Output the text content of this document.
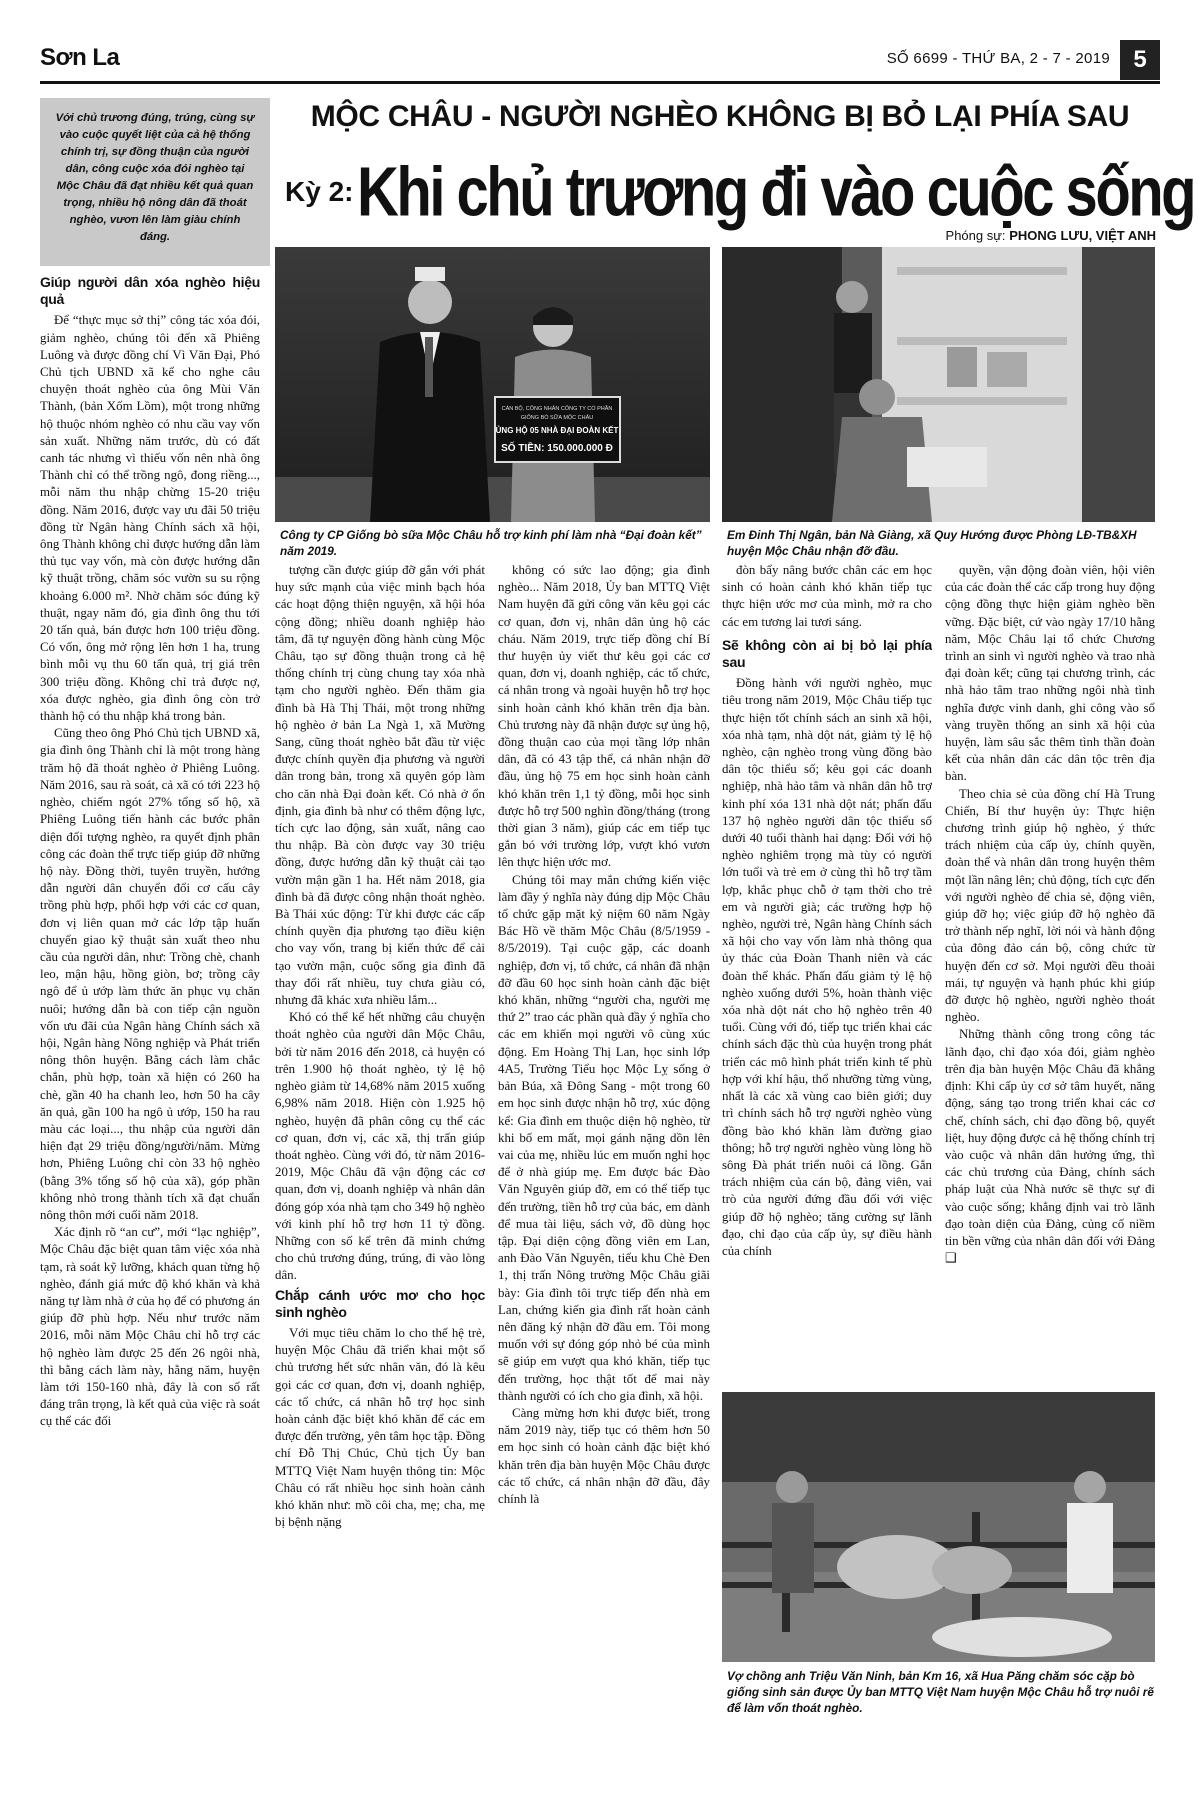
Sơn La	SỐ 6699 - THỨ BA, 2 - 7 - 2019 5
Với chủ trương đúng, trúng, cùng sự vào cuộc quyết liệt của cả hệ thống chính trị, sự đồng thuận của người dân, công cuộc xóa đói nghèo tại Mộc Châu đã đạt nhiều kết quả quan trọng, nhiều hộ nông dân đã thoát nghèo, vươn lên làm giàu chính đáng.
MỘC CHÂU - NGƯỜI NGHÈO KHÔNG BỊ BỎ LẠI PHÍA SAU
Kỳ 2: Khi chủ trương đi vào cuộc sống
Phóng sự: PHONG LƯU, VIỆT ANH
CÁN BỘ, CÔNG NHÂN CÔNG TY CỔ PHẦN
GIỐNG BÒ SỮA MỘC CHÂU
ỦNG HỘ 05 NHÀ ĐẠI ĐOÀN KẾT
SỐ TIỀN: 150.000.000 Đ
Công ty CP Giống bò sữa Mộc Châu hỗ trợ kinh phí làm nhà “Đại đoàn kết” năm 2019.
Em Đinh Thị Ngân, bản Nà Giàng, xã Quy Hướng được Phòng LĐ-TB&XH huyện Mộc Châu nhận đỡ đầu.
Vợ chồng anh Triệu Văn Ninh, bản Km 16, xã Hua Păng chăm sóc cặp bò giống sinh sản được Ủy ban MTTQ Việt Nam huyện Mộc Châu hỗ trợ nuôi rẽ để làm vốn thoát nghèo.
Giúp người dân xóa nghèo hiệu quả

Để “thực mục sở thị” công tác xóa đói, giảm nghèo, chúng tôi đến xã Phiêng Luông và được đồng chí Vì Văn Đại, Phó Chủ tịch UBND xã kể cho nghe câu chuyện thoát nghèo của ông Mùi Văn Thành, (bản Xốm Lồm), một trong những hộ thuộc nhóm nghèo có nhu cầu vay vốn sản xuất. Những năm trước, dù có đất canh tác nhưng vì thiếu vốn nên nhà ông Thành chỉ có thể trồng ngô, đong riềng..., mỗi năm thu nhập chừng 15-20 triệu đồng. Năm 2016, được vay ưu đãi 50 triệu đồng từ Ngân hàng Chính sách xã hội, ông Thành không chỉ được hướng dẫn làm thủ tục vay vốn, mà còn được hướng dẫn kỹ thuật trồng, chăm sóc vườn su su rộng khoảng 6.000 m². Nhờ chăm sóc đúng kỹ thuật, ngay năm đó, gia đình ông thu tới 20 tấn quả, bán được hơn 100 triệu đồng. Có vốn, ông mở rộng lên hơn 1 ha, trung bình mỗi vụ thu 60 tấn quả, trị giá trên 300 triệu đồng. Không chỉ trả được nợ, xóa được nghèo, gia đình ông còn trở thành hộ có thu nhập khá trong bản.

Cũng theo ông Phó Chủ tịch UBND xã, gia đình ông Thành chỉ là một trong hàng trăm hộ đã thoát nghèo ở Phiêng Luông. Năm 2016, sau rà soát, cả xã có tới 223 hộ nghèo, chiếm ngót 27% tổng số hộ, xã Phiêng Luông tiến hành các bước phân diện đối tượng nghèo, ra quyết định phân công các đoàn thể trực tiếp giúp đỡ những hộ này. Đồng thời, tuyên truyền, hướng dẫn người dân chuyển đổi cơ cấu cây trồng phù hợp, phối hợp với các cơ quan, đơn vị liên quan mở các lớp tập huấn chuyển giao kỹ thuật sản xuất theo nhu cầu của người dân, như: Trồng chè, chanh leo, mận hậu, hồng giòn, bơ; trồng cây ngô để ủ ướp làm thức ăn phục vụ chăn nuôi; hướng dẫn bà con tiếp cận nguồn vốn ưu đãi của Ngân hàng Chính sách xã hội, Ngân hàng Nông nghiệp và Phát triển nông thôn huyện. Bằng cách làm chắc chắn, phù hợp, toàn xã hiện có 260 ha chè, gần 40 ha chanh leo, hơn 50 ha cây ăn quả, gần 100 ha ngô ủ ướp, 150 ha rau màu các loại..., thu nhập của người dân hiện đạt 29 triệu đồng/người/năm. Mừng hơn, Phiêng Luông chỉ còn 33 hộ nghèo (bằng 3% tổng số hộ của xã), góp phần không nhỏ trong thành tích xã đạt chuẩn nông thôn mới cuối năm 2018.

Xác định rõ “an cư”, mới “lạc nghiệp”, Mộc Châu đặc biệt quan tâm việc xóa nhà tạm, rà soát kỹ lưỡng, khách quan từng hộ nghèo, đánh giá mức độ khó khăn và khả năng tự làm nhà ở của họ để có phương án giúp đỡ phù hợp. Nếu như trước năm 2016, mỗi năm Mộc Châu chỉ hỗ trợ các hộ nghèo làm được 25 đến 26 ngôi nhà, thì bằng cách làm này, hằng năm, huyện làm tới 150-160 nhà, đây là con số rất đáng trân trọng, là kết quả của việc rà soát cụ thể các đối

tượng cần được giúp đỡ gắn với phát huy sức mạnh của việc minh bạch hóa các hoạt động thiện nguyện, xã hội hóa cộng đồng; nhiều doanh nghiệp hảo tâm, đã tự nguyện đồng hành cùng Mộc Châu, tạo sự đồng thuận trong cả hệ thống chính trị cùng chung tay xóa nhà tạm cho người nghèo. Đến thăm gia đình bà Hà Thị Thái, một trong những hộ nghèo ở bản La Ngà 1, xã Mường Sang, cũng thoát nghèo bắt đầu từ việc được chính quyền địa phương và người dân trong bản, trong xã quyên góp làm cho căn nhà Đại đoàn kết. Có nhà ở ổn định, gia đình bà như có thêm động lực, tích cực lao động, sản xuất, nâng cao thu nhập. Bà còn được vay 30 triệu đồng, được hướng dẫn kỹ thuật cải tạo vườn mận gần 1 ha. Hết năm 2018, gia đình bà đã được công nhận thoát nghèo. Bà Thái xúc động: Từ khi được các cấp chính quyền địa phương tạo điều kiện cho vay vốn, trang bị kiến thức để cải tạo vườn mận, cuộc sống gia đình đã thay đổi rất nhiều, tuy chưa giàu có, nhưng đã khác xưa nhiều lắm...

Khó có thể kể hết những câu chuyện thoát nghèo của người dân Mộc Châu, bởi từ năm 2016 đến 2018, cả huyện có trên 1.900 hộ thoát nghèo, tỷ lệ hộ nghèo giảm từ 14,68% năm 2015 xuống 6,98% năm 2018. Hiện còn 1.925 hộ nghèo, huyện đã phân công cụ thể các cơ quan, đơn vị, các xã, thị trấn giúp thoát nghèo. Cùng với đó, từ năm 2016-2019, Mộc Châu đã vận động các cơ quan, đơn vị, doanh nghiệp và nhân dân đóng góp xóa nhà tạm cho 349 hộ nghèo với kinh phí hỗ trợ hơn 11 tỷ đồng. Những con số kể trên đã minh chứng cho chủ trương đúng, trúng, đi vào lòng dân.

Chắp cánh ước mơ cho học sinh nghèo

Với mục tiêu chăm lo cho thế hệ trẻ, huyện Mộc Châu đã triển khai một số chủ trương hết sức nhân văn, đó là kêu gọi các cơ quan, đơn vị, doanh nghiệp, các tổ chức, cá nhân hỗ trợ học sinh hoàn cảnh đặc biệt khó khăn để các em được đến trường, yên tâm học tập. Đồng chí Đỗ Thị Chúc, Chủ tịch Ủy ban MTTQ Việt Nam huyện thông tin: Mộc Châu có rất nhiều học sinh hoàn cảnh khó khăn như: mồ côi cha, mẹ; cha, mẹ bị bệnh nặng

không có sức lao động; gia đình nghèo... Năm 2018, Ủy ban MTTQ Việt Nam huyện đã gửi công văn kêu gọi các cơ quan, đơn vị, nhân dân ủng hộ các cháu. Năm 2019, trực tiếp đồng chí Bí thư huyện ủy viết thư kêu gọi các cơ quan, đơn vị, doanh nghiệp, các tổ chức, cá nhân trong và ngoài huyện hỗ trợ học sinh hoàn cảnh khó khăn trên địa bàn. Chủ trương này đã nhận được sự ủng hộ, đồng thuận cao của mọi tầng lớp nhân dân, đã có 43 tập thể, cá nhân nhận đỡ đầu, ủng hộ 75 em học sinh hoàn cảnh khó khăn trên 1,1 tỷ đồng, mỗi học sinh được hỗ trợ 500 nghìn đồng/tháng (trong thời gian 3 năm), giúp các em tiếp tục gắn bó với trường lớp, vượt khó vươn lên thực hiện ước mơ.

Chúng tôi may mắn chứng kiến việc làm đầy ý nghĩa này đúng dịp Mộc Châu tổ chức gặp mặt kỷ niệm 60 năm Ngày Bác Hồ về thăm Mộc Châu (8/5/1959 - 8/5/2019). Tại cuộc gặp, các doanh nghiệp, đơn vị, tổ chức, cá nhân đã nhận đỡ đầu 60 học sinh hoàn cảnh đặc biệt khó khăn, những “người cha, người mẹ thứ 2” trao các phần quà đầy ý nghĩa cho các em khiến mọi người vô cùng xúc động. Em Hoàng Thị Lan, học sinh lớp 4A5, Trường Tiểu học Mộc Lỵ sống ở bản Búa, xã Đông Sang - một trong 60 em học sinh được nhận hỗ trợ, xúc động kể: Gia đình em thuộc diện hộ nghèo, từ khi bố em mất, mọi gánh nặng dồn lên vai của mẹ, nhiều lúc em muốn nghỉ học để ở nhà giúp mẹ. Em được bác Đào Văn Nguyên giúp đỡ, em có thể tiếp tục đến trường, tiền hỗ trợ của bác, em dành để mua tài liệu, sách vở, đồ dùng học tập. Đại diện cộng đồng viên em Lan, anh Đào Văn Nguyên, tiểu khu Chè Đen 1, thị trấn Nông trường Mộc Châu giãi bày: Gia đình tôi trực tiếp đến nhà em Lan, chứng kiến gia đình rất hoàn cảnh nên đăng ký nhận đỡ đầu em. Tôi mong muốn với sự đóng góp nhỏ bé của mình sẽ giúp em vượt qua khó khăn, tiếp tục đến trường, học thật tốt để mai này thành người có ích cho gia đình, xã hội.

Càng mừng hơn khi được biết, trong năm 2019 này, tiếp tục có thêm hơn 50 em học sinh có hoàn cảnh đặc biệt khó khăn trên địa bàn huyện Mộc Châu được các tổ chức, cá nhân nhận đỡ đầu, đây chính là

đòn bẩy nâng bước chân các em học sinh có hoàn cảnh khó khăn tiếp tục thực hiện ước mơ của mình, mở ra cho các em tương lai tươi sáng.

Sẽ không còn ai bị bỏ lại phía sau

Đồng hành với người nghèo, mục tiêu trong năm 2019, Mộc Châu tiếp tục thực hiện tốt chính sách an sinh xã hội, xóa nhà tạm, nhà dột nát, giảm tỷ lệ hộ nghèo, cận nghèo trong vùng đồng bào dân tộc thiểu số; kêu gọi các doanh nghiệp, nhà hảo tâm và nhân dân hỗ trợ kinh phí xóa 131 nhà dột nát; phấn đấu 137 hộ nghèo người dân tộc thiểu số dưới 40 tuổi thành hai dạng: Đối với hộ nghèo nghiêm trọng mà tùy có người lớn tuổi và trẻ em ở cùng thì hỗ trợ tầm lợp, khắc phục chỗ ở tạm thời cho trẻ em và người già; các trường hợp hộ nghèo, người trẻ, Ngân hàng Chính sách xã hội cho vay vốn làm nhà thông qua ủy thác của Đoàn Thanh niên và các đoàn thể khác. Phấn đấu giảm tỷ lệ hộ nghèo xuống dưới 5%, hoàn thành việc xóa nhà dột nát cho hộ nghèo trên 40 tuổi. Cùng với đó, tiếp tục triển khai các chính sách đặc thù của huyện trong phát triển các mô hình phát triển kinh tế phù hợp với khí hậu, thổ nhưỡng từng vùng, nhất là các xã vùng cao biên giới; duy trì chính sách hỗ trợ người nghèo vùng đồng bào khó khăn làm đường giao thông; hỗ trợ người nghèo vùng lòng hồ sông Đà phát triển nuôi cá lồng. Gắn trách nhiệm của cán bộ, đảng viên, vai trò của người đứng đầu đối với việc giúp đỡ hộ nghèo; tăng cường sự lãnh đạo, chỉ đạo của cấp ủy, sự điều hành của chính

quyền, vận động đoàn viên, hội viên của các đoàn thể các cấp trong huy động cộng đồng thực hiện giảm nghèo bền vững. Đặc biệt, cứ vào ngày 17/10 hằng năm, Mộc Châu lại tổ chức Chương trình an sinh vì người nghèo và trao nhà đại đoàn kết; cũng tại chương trình, các nhà hảo tâm trao những ngôi nhà tình nghĩa được vinh danh, ghi công vào sổ vàng truyền thống an sinh xã hội của huyện, làm sâu sắc thêm tình thần đoàn kết của nhân dân các dân tộc trên địa bàn.

Theo chia sẻ của đồng chí Hà Trung Chiến, Bí thư huyện ủy: Thực hiện chương trình giúp hộ nghèo, ý thức trách nhiệm của cấp ủy, chính quyền, đoàn thể và nhân dân trong huyện thêm một lần nâng lên; chủ động, tích cực đến với người nghèo để chia sẻ, động viên, giúp đỡ họ; việc giúp đỡ hộ nghèo đã trở thành nếp nghĩ, lời nói và hành động của đông đảo cán bộ, công chức từ huyện đến cơ sở. Mọi người đều thoải mái, tự nguyện và hạnh phúc khi giúp đỡ được hộ nghèo, người nghèo thoát nghèo.

Những thành công trong công tác lãnh đạo, chỉ đạo xóa đói, giảm nghèo trên địa bàn huyện Mộc Châu đã khẳng định: Khi cấp ủy cơ sở tâm huyết, năng động, sáng tạo trong triển khai các cơ chế, chính sách, chỉ đạo đồng bộ, quyết liệt, huy động được cả hệ thống chính trị vào cuộc và nhân dân hưởng ứng, thì các chủ trương của Đảng, chính sách pháp luật của Nhà nước sẽ thực sự đi vào cuộc sống; khẳng định vai trò lãnh đạo toàn diện của Đảng, củng cố niềm tin bền vững của nhân dân đối với Đảng ❑
